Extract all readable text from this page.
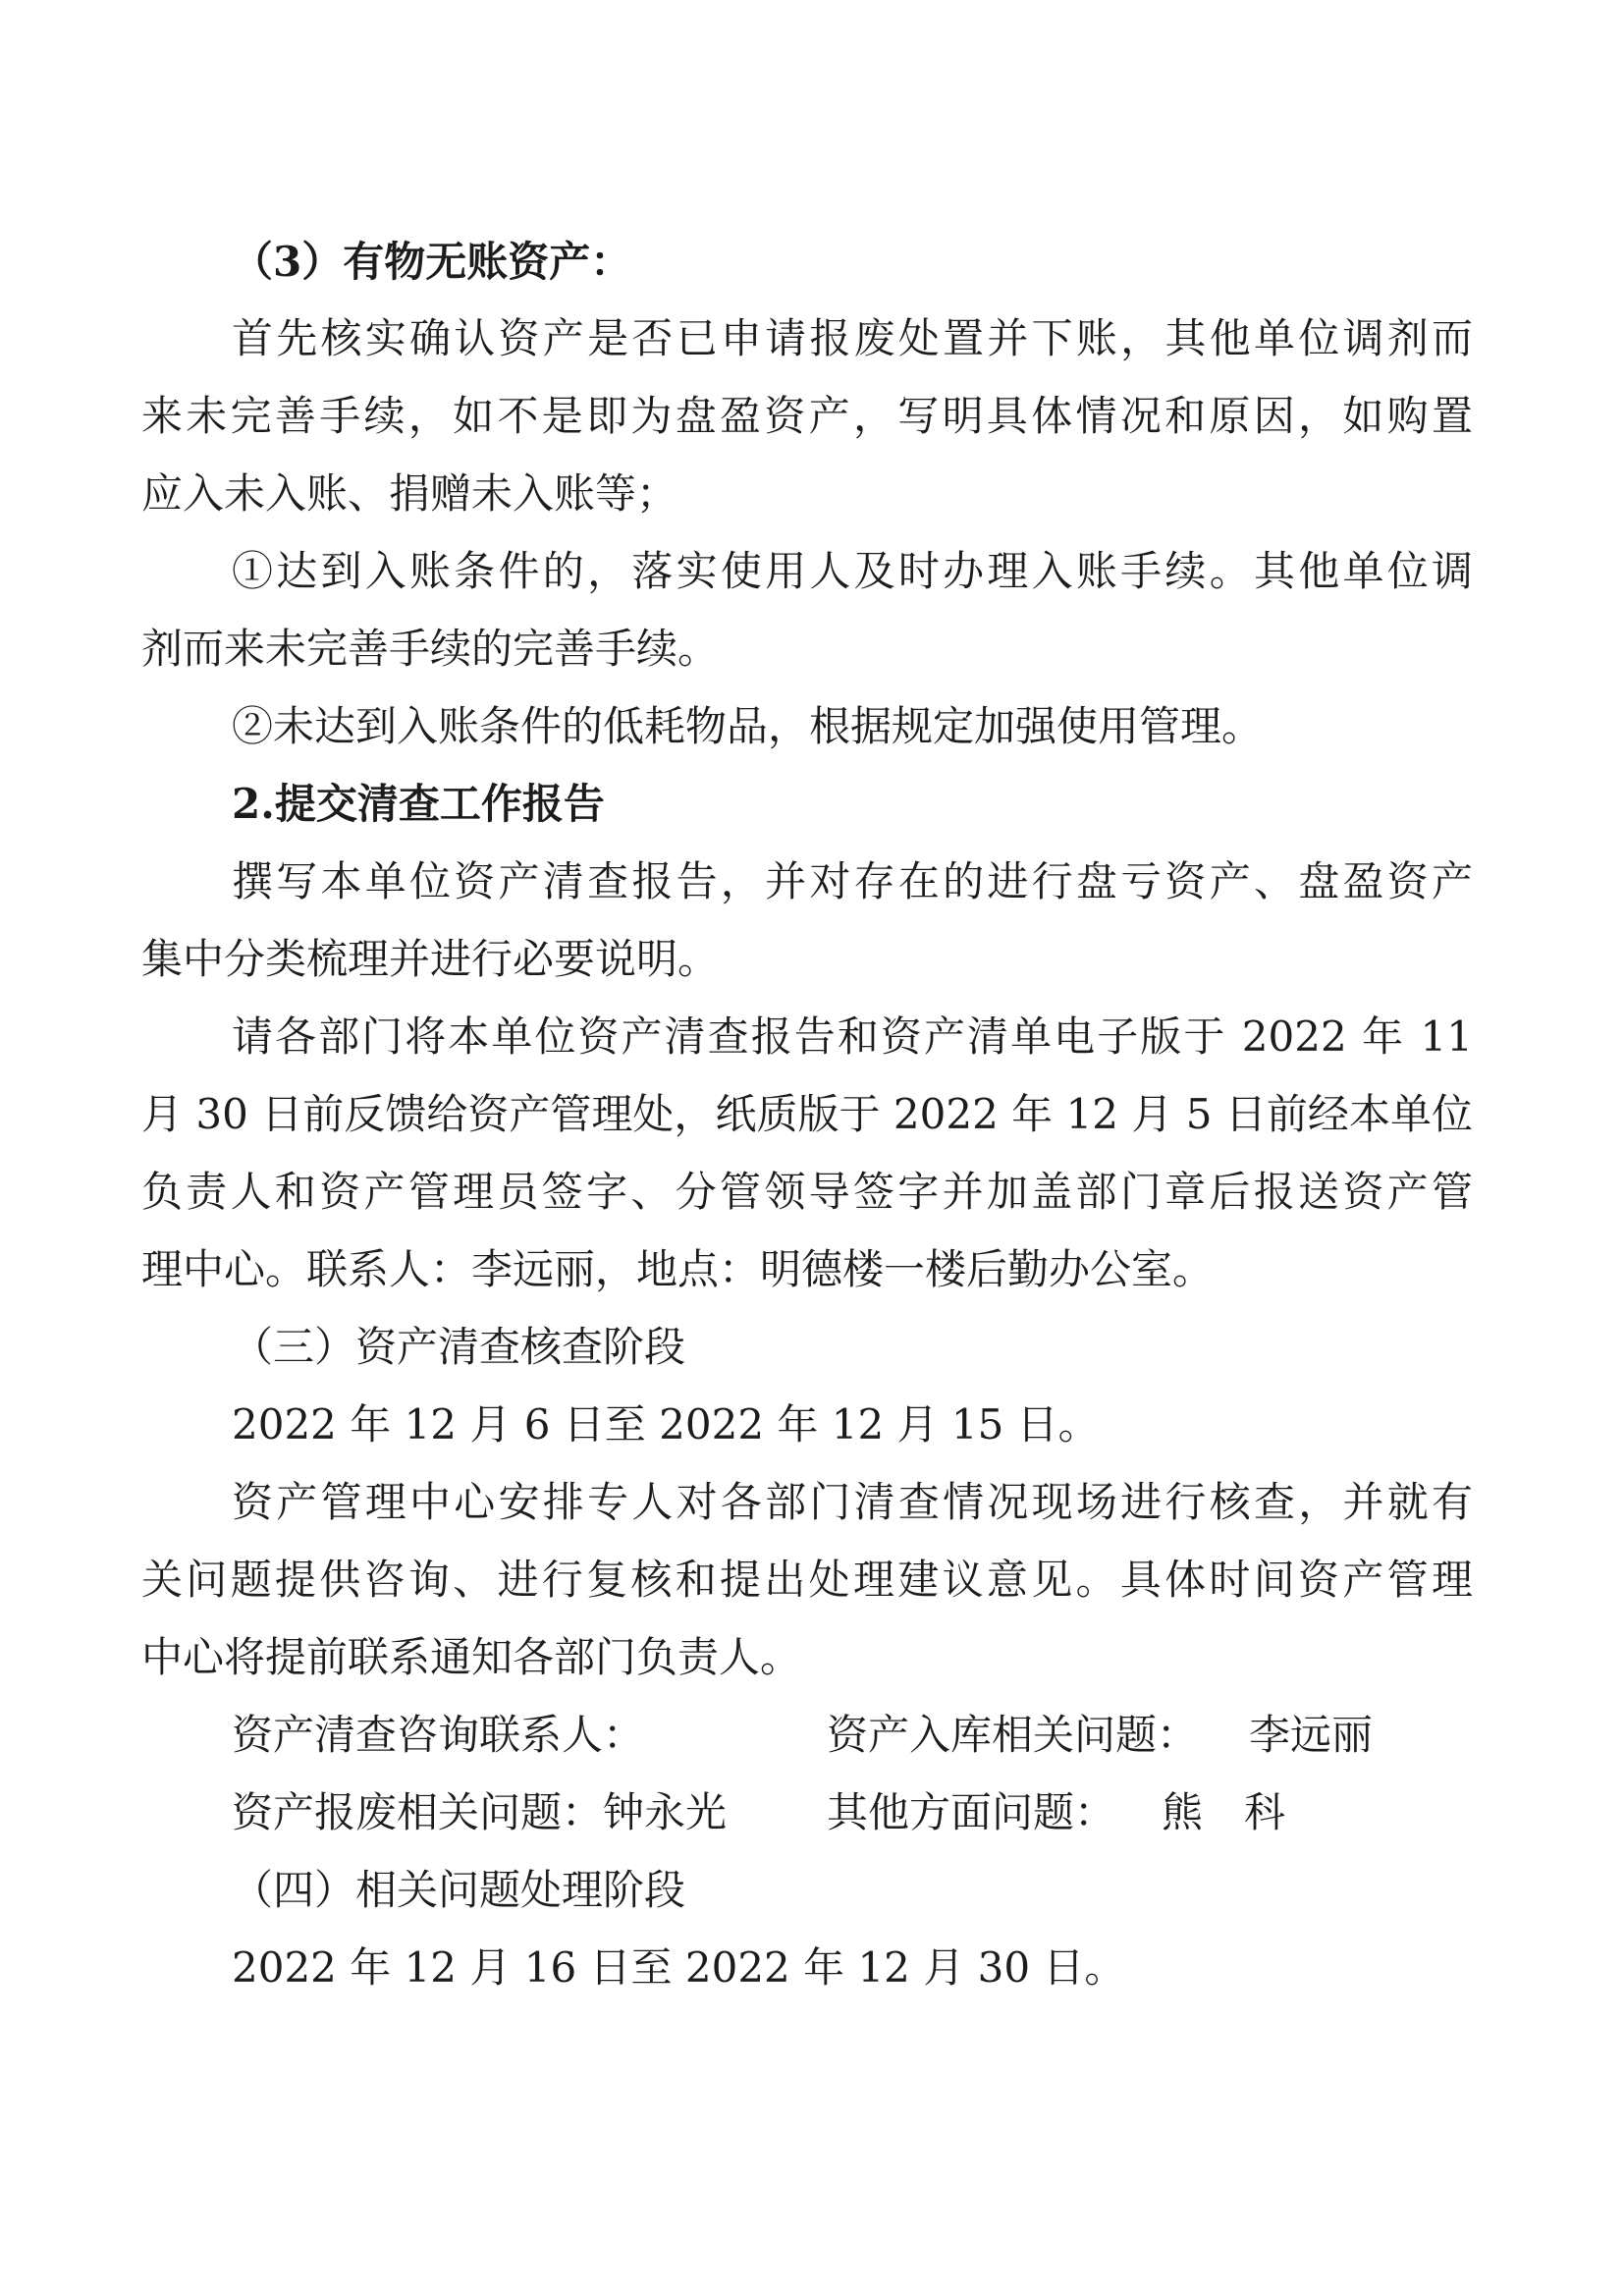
（3）有物无账资产：
首先核实确认资产是否已申请报废处置并下账，其他单位调剂而
来未完善手续，如不是即为盘盈资产，写明具体情况和原因，如购置
应入未入账、捐赠未入账等；
①达到入账条件的，落实使用人及时办理入账手续。其他单位调
剂而来未完善手续的完善手续。
②未达到入账条件的低耗物品，根据规定加强使用管理。
2.提交清查工作报告
撰写本单位资产清查报告，并对存在的进行盘亏资产、盘盈资产
集中分类梳理并进行必要说明。
请各部门将本单位资产清查报告和资产清单电子版于 2022 年 11
月 30 日前反馈给资产管理处，纸质版于 2022 年 12 月 5 日前经本单位
负责人和资产管理员签字、分管领导签字并加盖部门章后报送资产管
理中心。联系人：李远丽，地点：明德楼一楼后勤办公室。
（三）资产清查核查阶段
2022 年 12 月 6 日至 2022 年 12 月 15 日。
资产管理中心安排专人对各部门清查情况现场进行核查，并就有
关问题提供咨询、进行复核和提出处理建议意见。具体时间资产管理
中心将提前联系通知各部门负责人。
资产清查咨询联系人：	资产入库相关问题： 李远丽
资产报废相关问题：钟永光 其他方面问题： 熊　科
（四）相关问题处理阶段
2022 年 12 月 16 日至 2022 年 12 月 30 日。
